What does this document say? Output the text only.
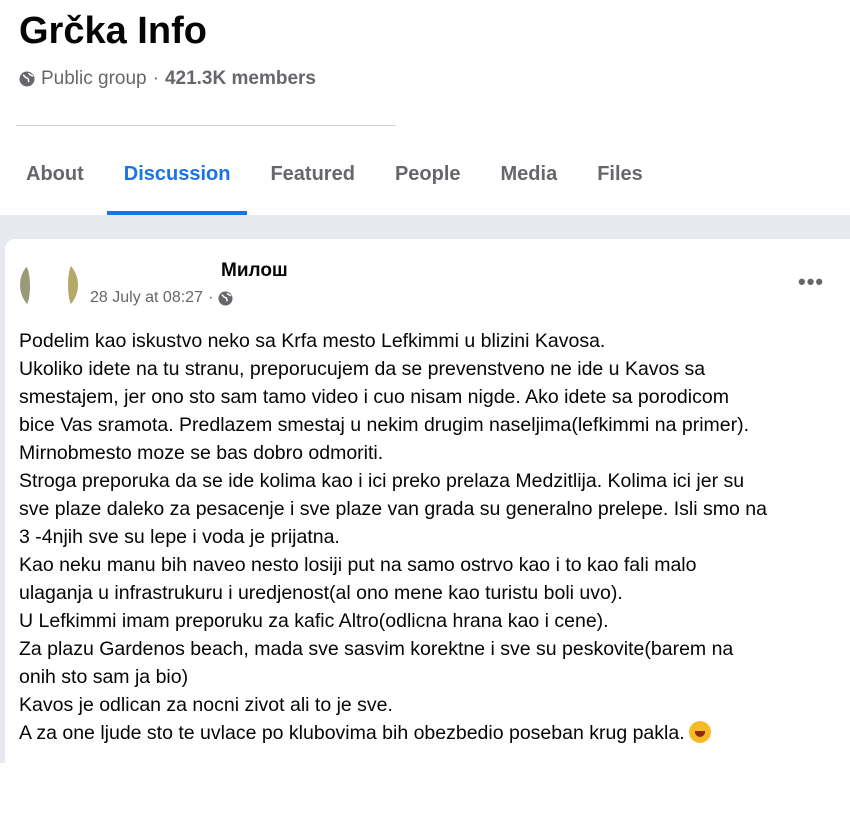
Grčka Info
Public group · 421.3K members
About	Discussion	Featured	People	Media	Files
Милош
28 July at 08:27 ·
•••
Podelim kao iskustvo neko sa Krfa mesto Lefkimmi u blizini Kavosa.
Ukoliko idete na tu stranu, preporucujem da se prevenstveno ne ide u Kavos sa
smestajem, jer ono sto sam tamo video i cuo nisam nigde. Ako idete sa porodicom
bice Vas sramota. Predlazem smestaj u nekim drugim naseljima(lefkimmi na primer).
Mirnobmesto moze se bas dobro odmoriti.
Stroga preporuka da se ide kolima kao i ici preko prelaza Medzitlija. Kolima ici jer su
sve plaze daleko za pesacenje i sve plaze van grada su generalno prelepe. Isli smo na
3 -4njih sve su lepe i voda je prijatna.
Kao neku manu bih naveo nesto losiji put na samo ostrvo kao i to kao fali malo
ulaganja u infrastrukuru i uredjenost(al ono mene kao turistu boli uvo).
U Lefkimmi imam preporuku za kafic Altro(odlicna hrana kao i cene).
Za plazu Gardenos beach, mada sve sasvim korektne i sve su peskovite(barem na
onih sto sam ja bio)
Kavos je odlican za nocni zivot ali to je sve.
A za one ljude sto te uvlace po klubovima bih obezbedio poseban krug pakla.
